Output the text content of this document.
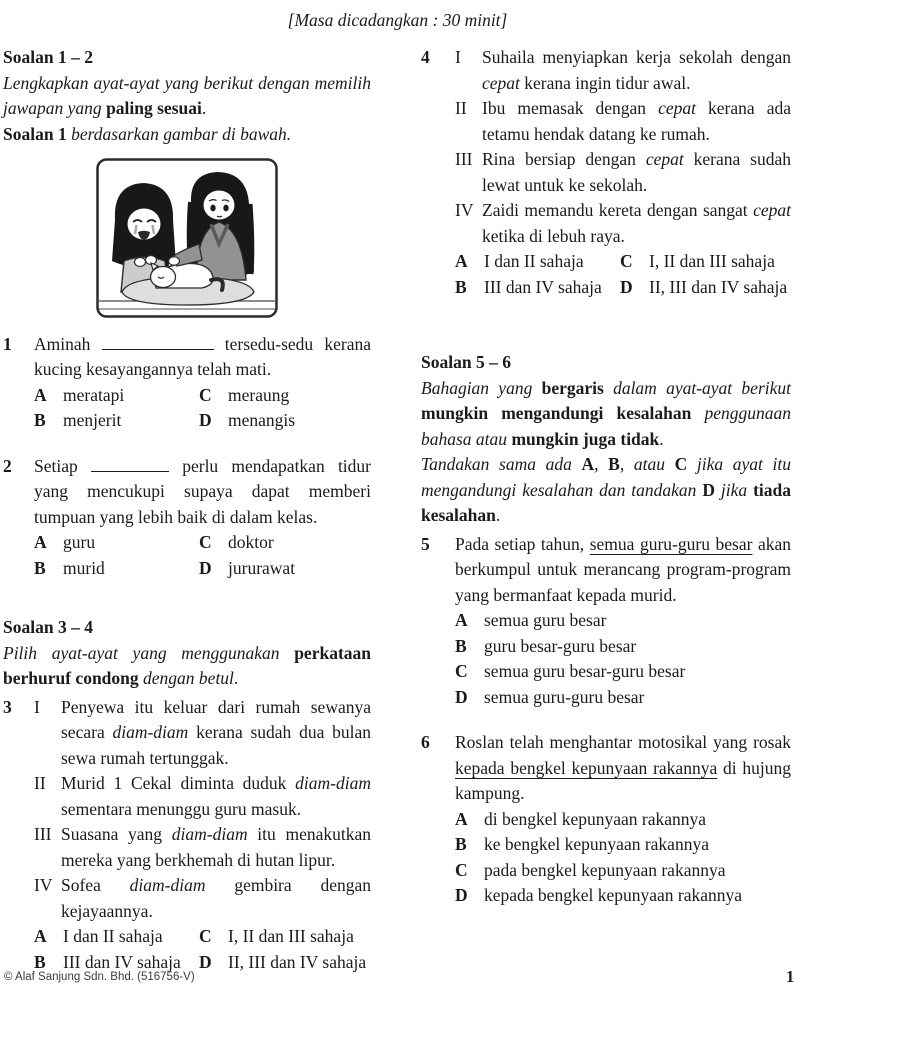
[Masa dicadangkan : 30 minit]
Soalan 1 – 2
Lengkapkan ayat-ayat yang berikut dengan memilih jawapan yang paling sesuai.
Soalan 1 berdasarkan gambar di bawah.
1	Aminah	tersedu-sedu kerana kucing kesayangannya telah mati.
A meratapi	C meraung
B menjerit	D menangis
2	Setiap	perlu mendapatkan tidur yang mencukupi supaya dapat memberi tumpuan yang lebih baik di dalam kelas.
A guru	C doktor
B murid	D jururawat
Soalan 3 – 4
Pilih ayat-ayat yang menggunakan perkataan berhuruf condong dengan betul.
3	I	Penyewa itu keluar dari rumah sewanya secara diam-diam kerana sudah dua bulan sewa rumah tertunggak.
II Murid 1 Cekal diminta duduk diam-diam sementara menunggu guru masuk.
III Suasana yang diam-diam itu menakutkan mereka yang berkhemah di hutan lipur.
IV Sofea diam-diam gembira dengan kejayaannya.
A I dan II sahaja	C I, II dan III sahaja
B III dan IV sahaja	D II, III dan IV sahaja
4	I	Suhaila menyiapkan kerja sekolah dengan cepat kerana ingin tidur awal.
II Ibu memasak dengan cepat kerana ada tetamu hendak datang ke rumah.
III Rina bersiap dengan cepat kerana sudah lewat untuk ke sekolah.
IV Zaidi memandu kereta dengan sangat cepat ketika di lebuh raya.
A I dan II sahaja	C I, II dan III sahaja
B III dan IV sahaja	D II, III dan IV sahaja
Soalan 5 – 6
Bahagian yang bergaris dalam ayat-ayat berikut mungkin mengandungi kesalahan penggunaan bahasa atau mungkin juga tidak.
Tandakan sama ada A, B, atau C jika ayat itu mengandungi kesalahan dan tandakan D jika tiada kesalahan.
5	Pada setiap tahun, semua guru-guru besar akan berkumpul untuk merancang program-program yang bermanfaat kepada murid.
A semua guru besar
B guru besar-guru besar
C semua guru besar-guru besar
D semua guru-guru besar
6	Roslan telah menghantar motosikal yang rosak kepada bengkel kepunyaan rakannya di hujung kampung.
A di bengkel kepunyaan rakannya
B ke bengkel kepunyaan rakannya
C pada bengkel kepunyaan rakannya
D kepada bengkel kepunyaan rakannya
© Alaf Sanjung Sdn. Bhd. (516756-V)	1
